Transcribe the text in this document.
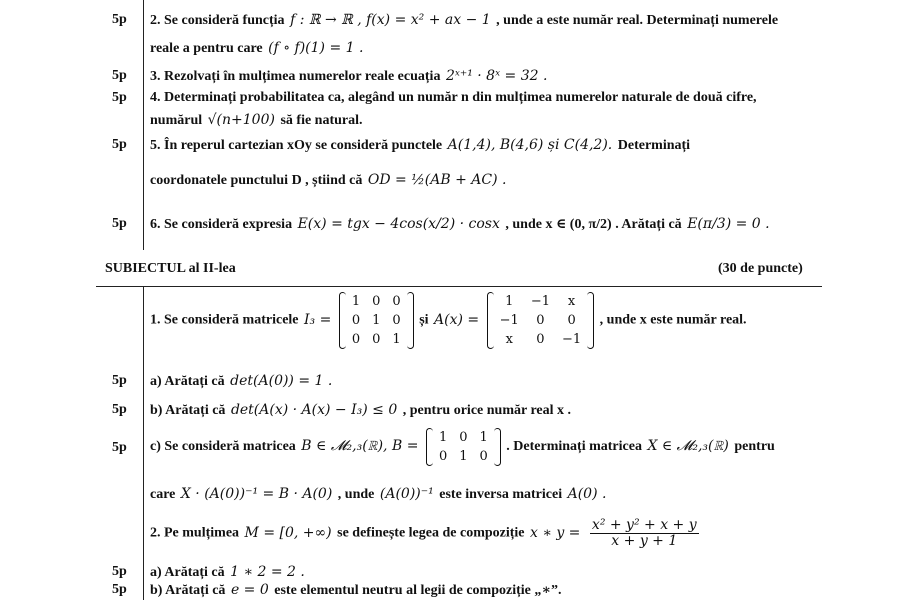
5p 2. Se consideră funcția f : ℝ → ℝ , f(x) = x² + ax − 1 , unde a este număr real. Determinați numerele
reale a pentru care (f ∘ f)(1) = 1 .
5p 3. Rezolvați în mulțimea numerelor reale ecuația 2ˣ⁺¹ · 8ˣ = 32 .
5p 4. Determinați probabilitatea ca, alegând un număr n din mulțimea numerelor naturale de două cifre,
numărul √(n+100) să fie natural.
5p 5. În reperul cartezian xOy se consideră punctele A(1,4), B(4,6) și C(4,2). Determinați
coordonatele punctului D , știind că OD = ½(AB + AC) .
5p 6. Se consideră expresia E(x) = tgx − 4cos(x/2) · cosx , unde x ∈ (0, π/2) . Arătați că E(π/3) = 0 .
SUBIECTUL al II-lea	(30 de puncte)
1. Se consideră matricele I₃ =
1	0	0
0	1	0
0	0	1
și A(x) =
1	−1	x
−1	0	0
x	0	−1
, unde x este număr real.
5p a) Arătați că det(A(0)) = 1 .
5p b) Arătați că det(A(x) · A(x) − I₃) ≤ 0 , pentru orice număr real x .
5p c) Se consideră matricea B ∈ 𝓜₂,₃(ℝ), B =
1	0	1
0	1	0
. Determinați matricea X ∈ 𝓜₂,₃(ℝ) pentru
care X · (A(0))⁻¹ = B · A(0) , unde (A(0))⁻¹ este inversa matricei A(0) .
2. Pe mulțimea M = [0, +∞) se definește legea de compoziție x ∗ $y = \frac{\text{x² + y² + x + y}}{x + y + 1}$
5p a) Arătați că 1 ∗ 2 = 2 .
5p b) Arătați că e = 0 este elementul neutru al legii de compoziție „∗”.
